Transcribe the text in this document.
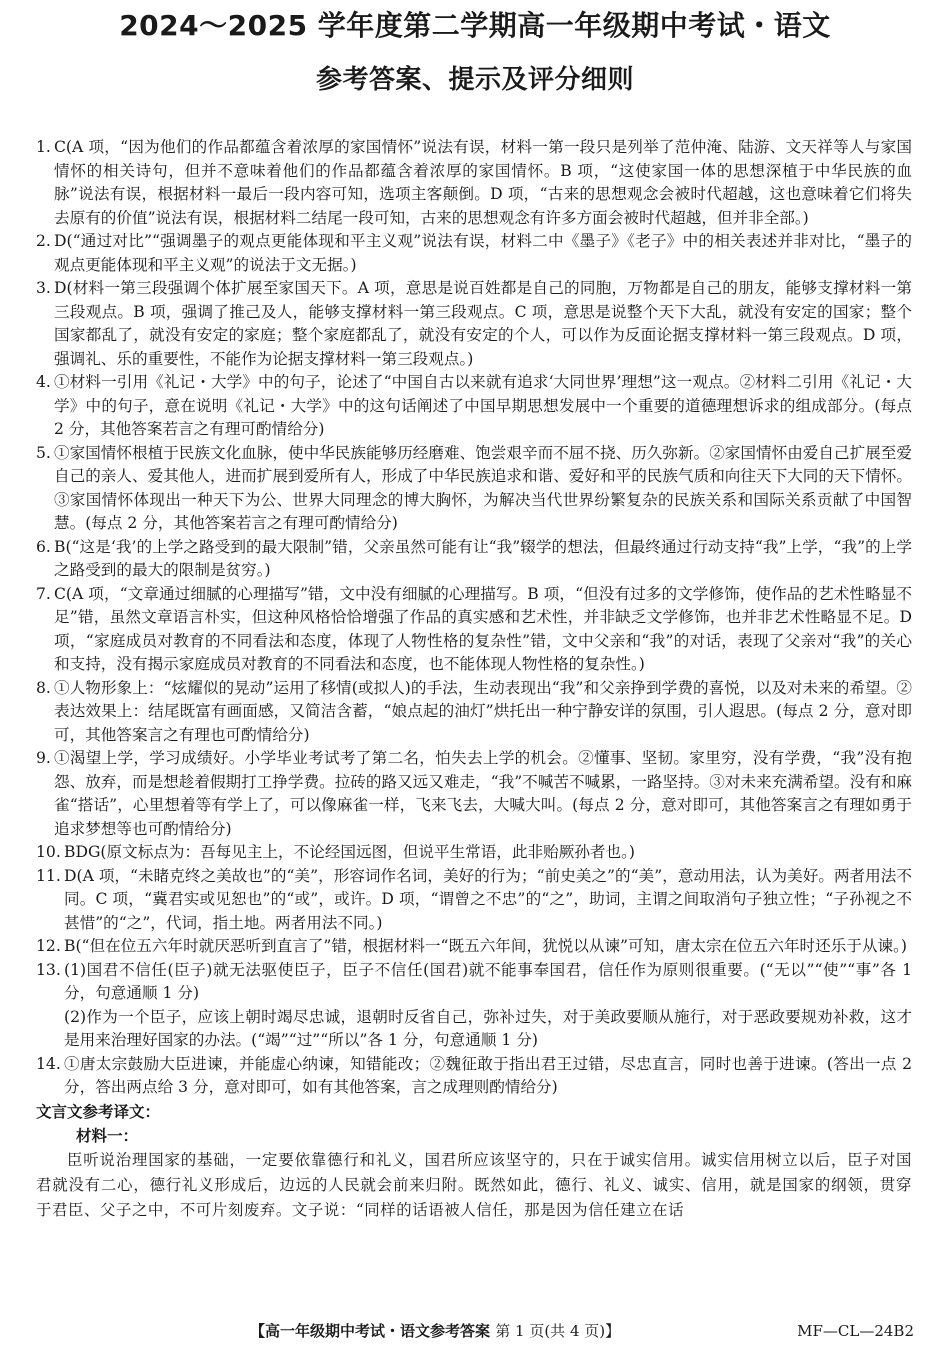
2024～2025 学年度第二学期高一年级期中考试・语文
参考答案、提示及评分细则
1. C(A 项，“因为他们的作品都蕴含着浓厚的家国情怀”说法有误，材料一第一段只是列举了范仲淹、陆游、文天祥等人与家国情怀的相关诗句，但并不意味着他们的作品都蕴含着浓厚的家国情怀。B 项，“这使家国一体的思想深植于中华民族的血脉”说法有误，根据材料一最后一段内容可知，选项主客颠倒。D 项，“古来的思想观念会被时代超越，这也意味着它们将失去原有的价值”说法有误，根据材料二结尾一段可知，古来的思想观念有许多方面会被时代超越，但并非全部。)
2. D(“通过对比”“强调墨子的观点更能体现和平主义观”说法有误，材料二中《墨子》《老子》中的相关表述并非对比，“墨子的观点更能体现和平主义观”的说法于文无据。)
3. D(材料一第三段强调个体扩展至家国天下。A 项，意思是说百姓都是自己的同胞，万物都是自己的朋友，能够支撑材料一第三段观点。B 项，强调了推己及人，能够支撑材料一第三段观点。C 项，意思是说整个天下大乱，就没有安定的国家；整个国家都乱了，就没有安定的家庭；整个家庭都乱了，就没有安定的个人，可以作为反面论据支撑材料一第三段观点。D 项，强调礼、乐的重要性，不能作为论据支撑材料一第三段观点。)
4. ①材料一引用《礼记・大学》中的句子，论述了“中国自古以来就有追求‘大同世界’理想”这一观点。②材料二引用《礼记・大学》中的句子，意在说明《礼记・大学》中的这句话阐述了中国早期思想发展中一个重要的道德理想诉求的组成部分。(每点 2 分，其他答案若言之有理可酌情给分)
5. ①家国情怀根植于民族文化血脉，使中华民族能够历经磨难、饱尝艰辛而不屈不挠、历久弥新。②家国情怀由爱自己扩展至爱自己的亲人、爱其他人，进而扩展到爱所有人，形成了中华民族追求和谐、爱好和平的民族气质和向往天下大同的天下情怀。③家国情怀体现出一种天下为公、世界大同理念的博大胸怀，为解决当代世界纷繁复杂的民族关系和国际关系贡献了中国智慧。(每点 2 分，其他答案若言之有理可酌情给分)
6. B(“这是‘我’的上学之路受到的最大限制”错，父亲虽然可能有让“我”辍学的想法，但最终通过行动支持“我”上学，“我”的上学之路受到的最大的限制是贫穷。)
7. C(A 项，“文章通过细腻的心理描写”错，文中没有细腻的心理描写。B 项，“但没有过多的文学修饰，使作品的艺术性略显不足”错，虽然文章语言朴实，但这种风格恰恰增强了作品的真实感和艺术性，并非缺乏文学修饰，也并非艺术性略显不足。D 项，“家庭成员对教育的不同看法和态度，体现了人物性格的复杂性”错，文中父亲和“我”的对话，表现了父亲对“我”的关心和支持，没有揭示家庭成员对教育的不同看法和态度，也不能体现人物性格的复杂性。)
8. ①人物形象上：“炫耀似的晃动”运用了移情(或拟人)的手法，生动表现出“我”和父亲挣到学费的喜悦，以及对未来的希望。②表达效果上：结尾既富有画面感，又简洁含蓄，“娘点起的油灯”烘托出一种宁静安详的氛围，引人遐思。(每点 2 分，意对即可，其他答案言之有理也可酌情给分)
9. ①渴望上学，学习成绩好。小学毕业考试考了第二名，怕失去上学的机会。②懂事、坚韧。家里穷，没有学费，“我”没有抱怨、放弃，而是想趁着假期打工挣学费。拉砖的路又远又难走，“我”不喊苦不喊累，一路坚持。③对未来充满希望。没有和麻雀“搭话”，心里想着等有学上了，可以像麻雀一样，飞来飞去，大喊大叫。(每点 2 分，意对即可，其他答案言之有理如勇于追求梦想等也可酌情给分)
10. BDG(原文标点为：吾每见主上，不论经国远图，但说平生常语，此非贻厥孙者也。)
11. D(A 项，“未睹克终之美故也”的“美”，形容词作名词，美好的行为；“前史美之”的“美”，意动用法，认为美好。两者用法不同。C 项，“冀君实或见恕也”的“或”，或许。D 项，“谓曾之不忠”的“之”，助词，主谓之间取消句子独立性；“子孙视之不甚惜”的“之”，代词，指土地。两者用法不同。)
12. B(“但在位五六年时就厌恶听到直言了”错，根据材料一“既五六年间，犹悦以从谏”可知，唐太宗在位五六年时还乐于从谏。)
13. (1)国君不信任(臣子)就无法驱使臣子，臣子不信任(国君)就不能事奉国君，信任作为原则很重要。(“无以”“使”“事”各 1 分，句意通顺 1 分)
(2)作为一个臣子，应该上朝时竭尽忠诚，退朝时反省自己，弥补过失，对于美政要顺从施行，对于恶政要规劝补救，这才是用来治理好国家的办法。(“竭”“过”“所以”各 1 分，句意通顺 1 分)
14. ①唐太宗鼓励大臣进谏，并能虚心纳谏，知错能改；②魏征敢于指出君王过错，尽忠直言，同时也善于进谏。(答出一点 2 分，答出两点给 3 分，意对即可，如有其他答案，言之成理则酌情给分)
文言文参考译文：
材料一：
臣听说治理国家的基础，一定要依靠德行和礼义，国君所应该坚守的，只在于诚实信用。诚实信用树立以后，臣子对国君就没有二心，德行礼义形成后，边远的人民就会前来归附。既然如此，德行、礼义、诚实、信用，就是国家的纲领，贯穿于君臣、父子之中，不可片刻废弃。文子说：“同样的话语被人信任，那是因为信任建立在话
【高一年级期中考试・语文参考答案 第 1 页(共 4 页)】	MF—CL—24B2
